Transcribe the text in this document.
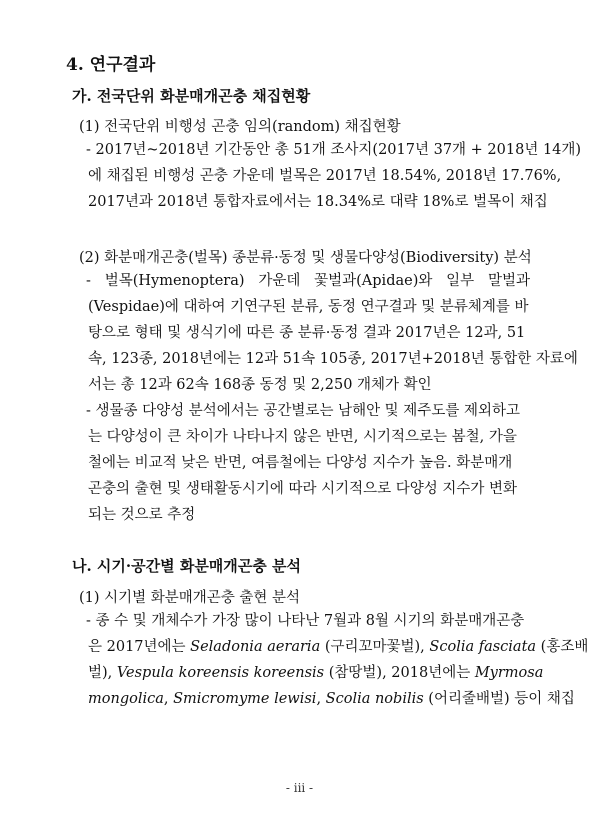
4. 연구결과
가. 전국단위 화분매개곤충 채집현황
(1) 전국단위 비행성 곤충 임의(random) 채집현황
- 2017년~2018년 기간동안 총 51개 조사지(2017년 37개 + 2018년 14개)
에 채집된 비행성 곤충 가운데 벌목은 2017년 18.54%, 2018년 17.76%,
2017년과 2018년 통합자료에서는 18.34%로 대략 18%로 벌목이 채집
(2) 화분매개곤충(벌목) 종분류·동정 및 생물다양성(Biodiversity) 분석
- 벌목(Hymenoptera) 가운데 꽃벌과(Apidae)와 일부 말벌과
(Vespidae)에 대하여 기연구된 분류, 동정 연구결과 및 분류체계를 바
탕으로 형태 및 생식기에 따른 종 분류·동정 결과 2017년은 12과, 51
속, 123종, 2018년에는 12과 51속 105종, 2017년+2018년 통합한 자료에
서는 총 12과 62속 168종 동정 및 2,250 개체가 확인
- 생물종 다양성 분석에서는 공간별로는 남해안 및 제주도를 제외하고
는 다양성이 큰 차이가 나타나지 않은 반면, 시기적으로는 봄철, 가을
철에는 비교적 낮은 반면, 여름철에는 다양성 지수가 높음. 화분매개
곤충의 출현 및 생태활동시기에 따라 시기적으로 다양성 지수가 변화
되는 것으로 추정
나. 시기·공간별 화분매개곤충 분석
(1) 시기별 화분매개곤충 출현 분석
- 종 수 및 개체수가 가장 많이 나타난 7월과 8월 시기의 화분매개곤충
은 2017년에는 Seladonia aeraria (구리꼬마꽃벌), Scolia fasciata (홍조배
벌), Vespula koreensis koreensis (참땅벌), 2018년에는 Myrmosa
mongolica, Smicromyme lewisi, Scolia nobilis (어리줄배벌) 등이 채집
- iii -
